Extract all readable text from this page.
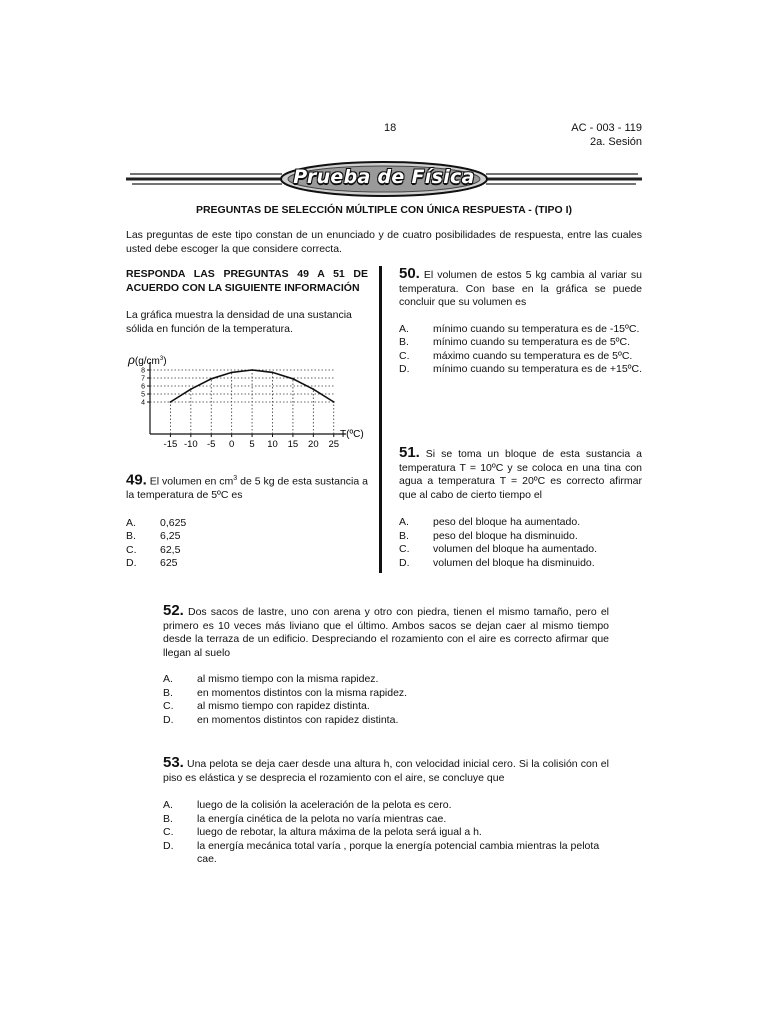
18	AC - 003 - 119
2a. Sesión
Prueba de Física
PREGUNTAS DE SELECCIÓN MÚLTIPLE CON ÚNICA RESPUESTA - (TIPO I)
Las preguntas de este tipo constan de un enunciado y de cuatro posibilidades de respuesta, entre las cuales usted debe escoger la que considere correcta.
RESPONDA LAS PREGUNTAS 49 A 51 DE ACUERDO CON LA SIGUIENTE INFORMACIÓN
La gráfica muestra la densidad de una sustancia sólida en función de la temperatura.
8
7
6
5
4
-15 -10 -5 0 5 10 15 20 25
T(ºC)
$\rho(g/cm^3)$
49. El volumen en $cm^3$ de 5 kg de esta sustancia a la temperatura de 5ºC es
A.	0,625
B.	6,25
C.	62,5
D.	625
50. El volumen de estos 5 kg cambia al variar su temperatura. Con base en la gráfica se puede concluir que su volumen es
A.	mínimo cuando su temperatura es de -15ºC.
B.	mínimo cuando su temperatura es de 5ºC.
C.	máximo cuando su temperatura es de 5ºC.
D.	mínimo cuando su temperatura es de +15ºC.
51. Si se toma un bloque de esta sustancia a temperatura T = 10ºC y se coloca en una tina con agua a temperatura T = 20ºC es correcto afirmar que al cabo de cierto tiempo el
A.	peso del bloque ha aumentado.
B.	peso del bloque ha disminuido.
C.	volumen del bloque ha aumentado.
D.	volumen del bloque ha disminuido.
52. Dos sacos de lastre, uno con arena y otro con piedra, tienen el mismo tamaño, pero el primero es 10 veces más liviano que el último. Ambos sacos se dejan caer al mismo tiempo desde la terraza de un edificio. Despreciando el rozamiento con el aire es correcto afirmar que llegan al suelo
A.	al mismo tiempo con la misma rapidez.
B.	en momentos distintos con la misma rapidez.
C.	al mismo tiempo con rapidez distinta.
D.	en momentos distintos con rapidez distinta.
53. Una pelota se deja caer desde una altura h, con velocidad inicial cero. Si la colisión con el piso es elástica y se desprecia el rozamiento con el aire, se concluye que
A.	luego de la colisión la aceleración de la pelota es cero.
B.	la energía cinética de la pelota no varía mientras cae.
C.	luego de rebotar, la altura máxima de la pelota será igual a h.
D.	la energía mecánica total varía , porque la energía potencial cambia mientras la pelota cae.
